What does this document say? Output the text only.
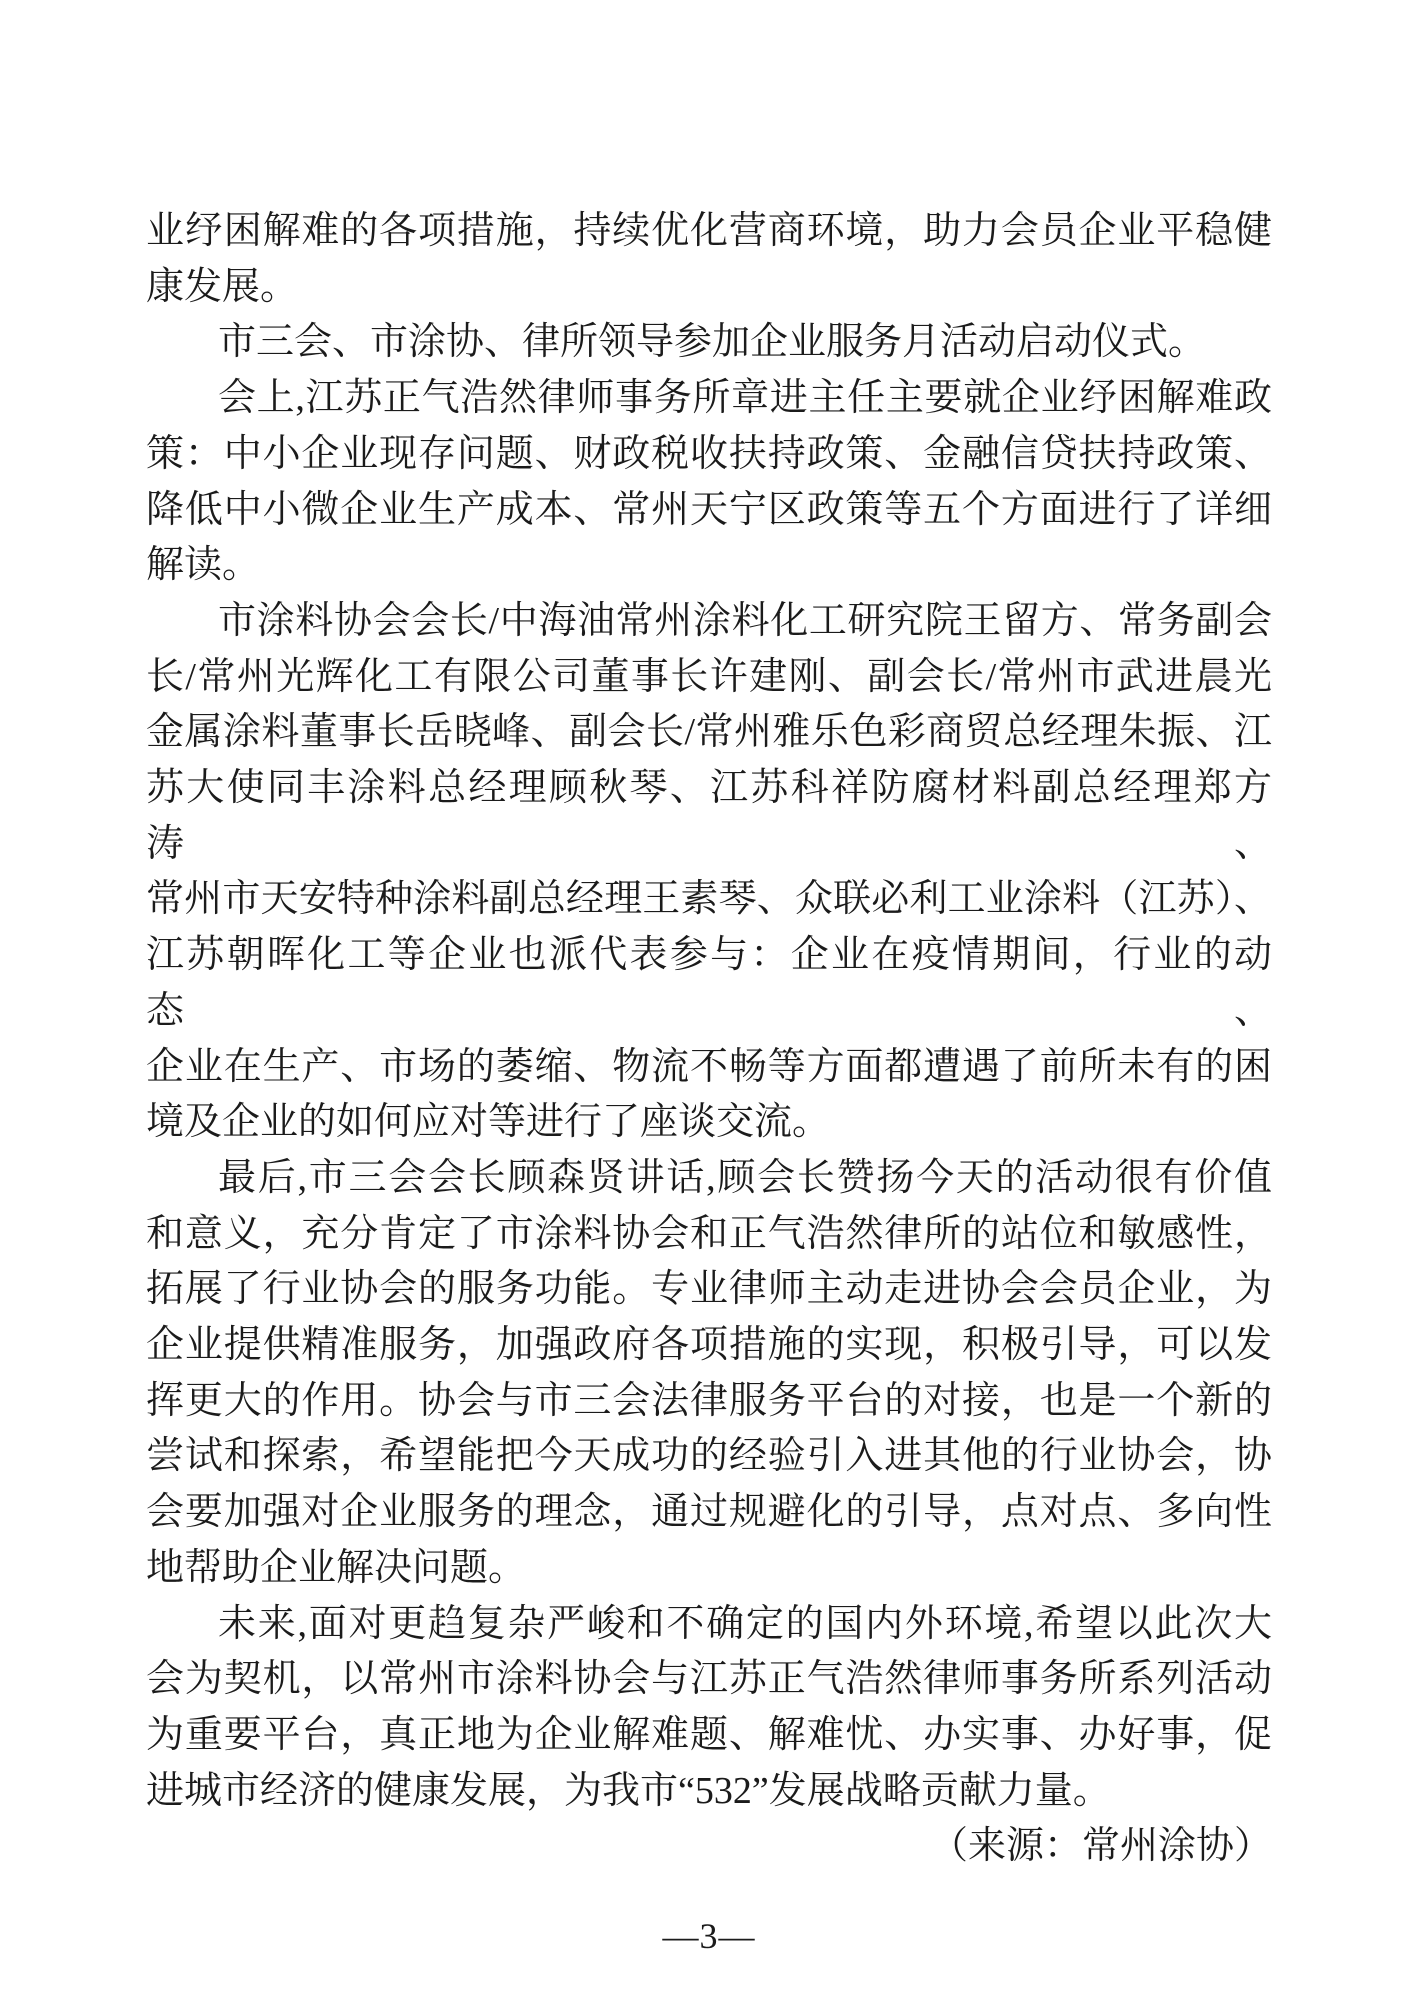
业纾困解难的各项措施，持续优化营商环境，助力会员企业平稳健
康发展。
市三会、市涂协、律所领导参加企业服务月活动启动仪式。
会上,江苏正气浩然律师事务所章进主任主要就企业纾困解难政
策：中小企业现存问题、财政税收扶持政策、金融信贷扶持政策、
降低中小微企业生产成本、常州天宁区政策等五个方面进行了详细
解读。
市涂料协会会长/中海油常州涂料化工研究院王留方、常务副会
长/常州光辉化工有限公司董事长许建刚、副会长/常州市武进晨光
金属涂料董事长岳晓峰、副会长/常州雅乐色彩商贸总经理朱振、江
苏大使同丰涂料总经理顾秋琴、江苏科祥防腐材料副总经理郑方涛、
常州市天安特种涂料副总经理王素琴、众联必利工业涂料（江苏）、
江苏朝晖化工等企业也派代表参与：企业在疫情期间，行业的动态、
企业在生产、市场的萎缩、物流不畅等方面都遭遇了前所未有的困
境及企业的如何应对等进行了座谈交流。
最后,市三会会长顾森贤讲话,顾会长赞扬今天的活动很有价值
和意义，充分肯定了市涂料协会和正气浩然律所的站位和敏感性，
拓展了行业协会的服务功能。专业律师主动走进协会会员企业，为
企业提供精准服务，加强政府各项措施的实现，积极引导，可以发
挥更大的作用。协会与市三会法律服务平台的对接，也是一个新的
尝试和探索，希望能把今天成功的经验引入进其他的行业协会，协
会要加强对企业服务的理念，通过规避化的引导，点对点、多向性
地帮助企业解决问题。
未来,面对更趋复杂严峻和不确定的国内外环境,希望以此次大
会为契机，以常州市涂料协会与江苏正气浩然律师事务所系列活动
为重要平台，真正地为企业解难题、解难忧、办实事、办好事，促
进城市经济的健康发展，为我市“532”发展战略贡献力量。
（来源：常州涂协）
—3—
